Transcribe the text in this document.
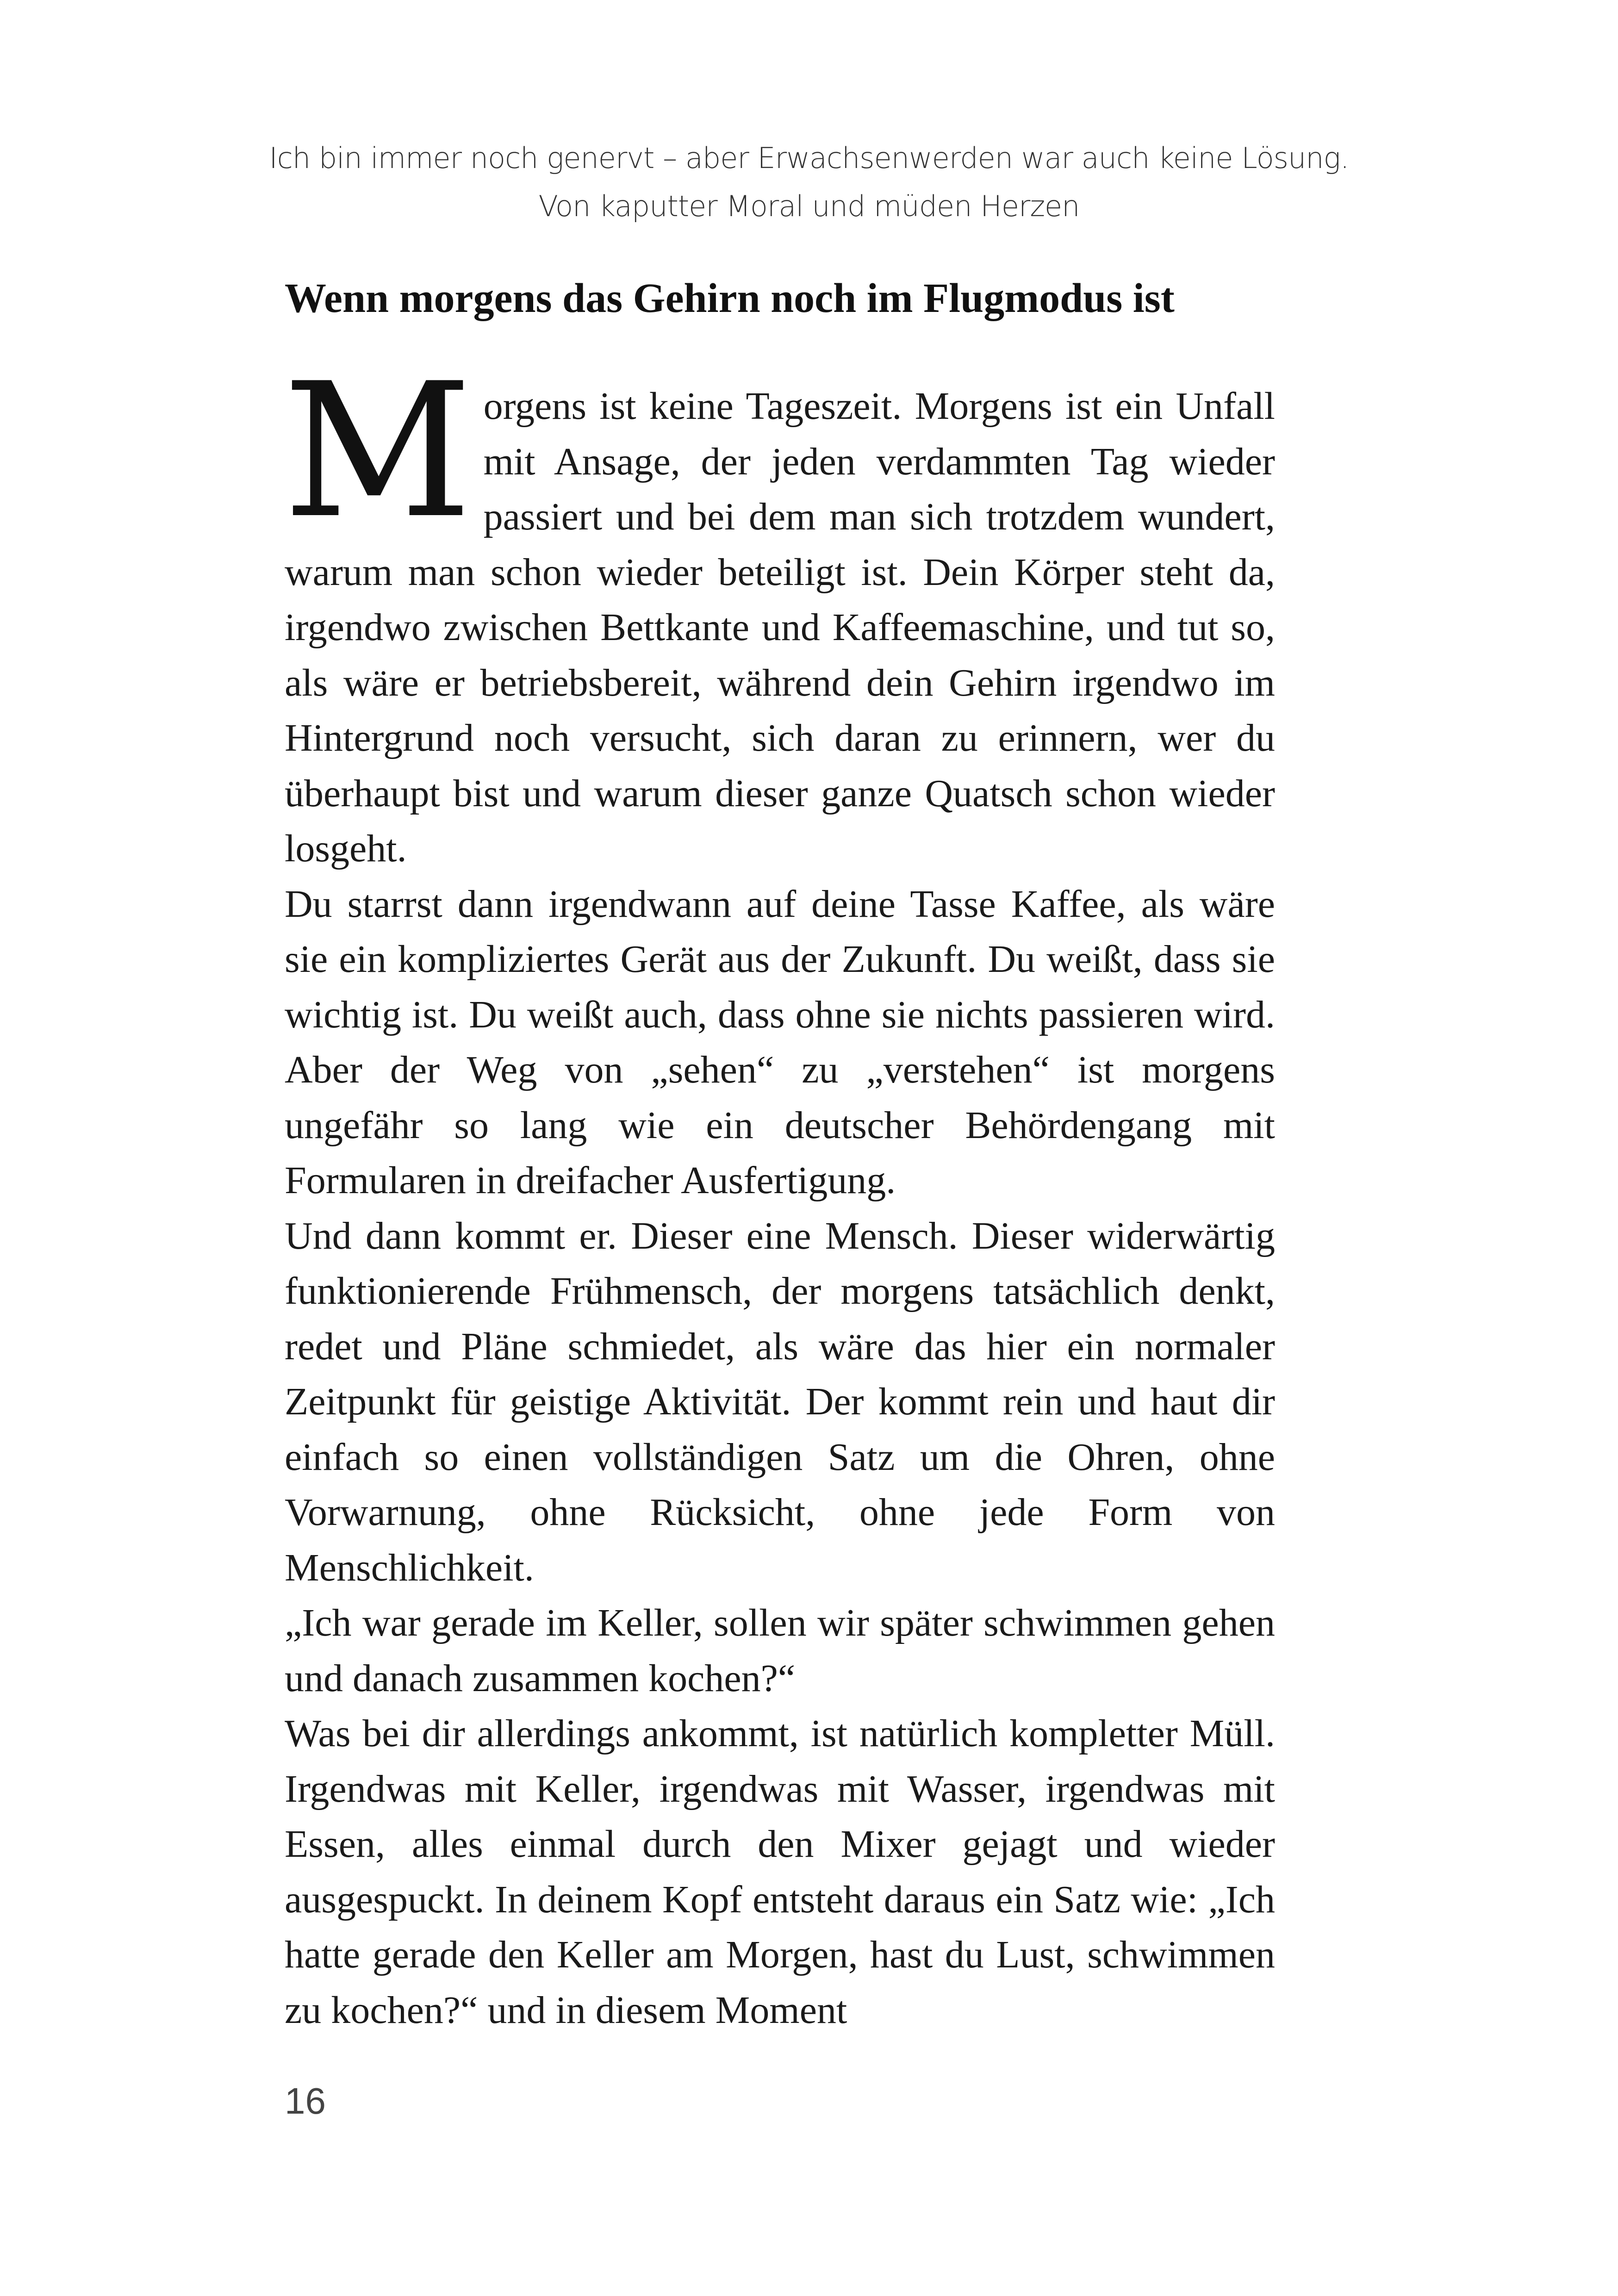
Ich bin immer noch genervt – aber Erwachsenwerden war auch keine Lösung.
Von kaputter Moral und müden Herzen
Wenn morgens das Gehirn noch im Flugmodus ist

Morgens ist keine Tageszeit. Morgens ist ein Unfall mit Ansage, der jeden verdammten Tag wieder passiert und bei dem man sich trotzdem wundert, warum man schon wieder beteiligt ist. Dein Körper steht da, irgendwo zwischen Bettkante und Kaffeemaschine, und tut so, als wäre er betriebsbereit, während dein Gehirn irgendwo im Hintergrund noch versucht, sich daran zu erinnern, wer du überhaupt bist und warum dieser ganze Quatsch schon wieder losgeht.

Du starrst dann irgendwann auf deine Tasse Kaffee, als wäre sie ein kompliziertes Gerät aus der Zukunft. Du weißt, dass sie wichtig ist. Du weißt auch, dass ohne sie nichts passieren wird. Aber der Weg von „sehen“ zu „verstehen“ ist morgens ungefähr so lang wie ein deutscher Behördengang mit Formularen in dreifacher Ausfertigung.

Und dann kommt er. Dieser eine Mensch. Dieser widerwärtig funktionierende Frühmensch, der morgens tatsächlich denkt, redet und Pläne schmiedet, als wäre das hier ein normaler Zeitpunkt für geistige Aktivität. Der kommt rein und haut dir einfach so einen vollständigen Satz um die Ohren, ohne Vorwarnung, ohne Rücksicht, ohne jede Form von Menschlichkeit.

„Ich war gerade im Keller, sollen wir später schwimmen gehen und danach zusammen kochen?“

Was bei dir allerdings ankommt, ist natürlich kompletter Müll. Irgendwas mit Keller, irgendwas mit Wasser, irgendwas mit Essen, alles einmal durch den Mixer gejagt und wieder ausgespuckt. In deinem Kopf entsteht daraus ein Satz wie: „Ich hatte gerade den Keller am Morgen, hast du Lust, schwimmen zu kochen?“ und in diesem Moment

16
